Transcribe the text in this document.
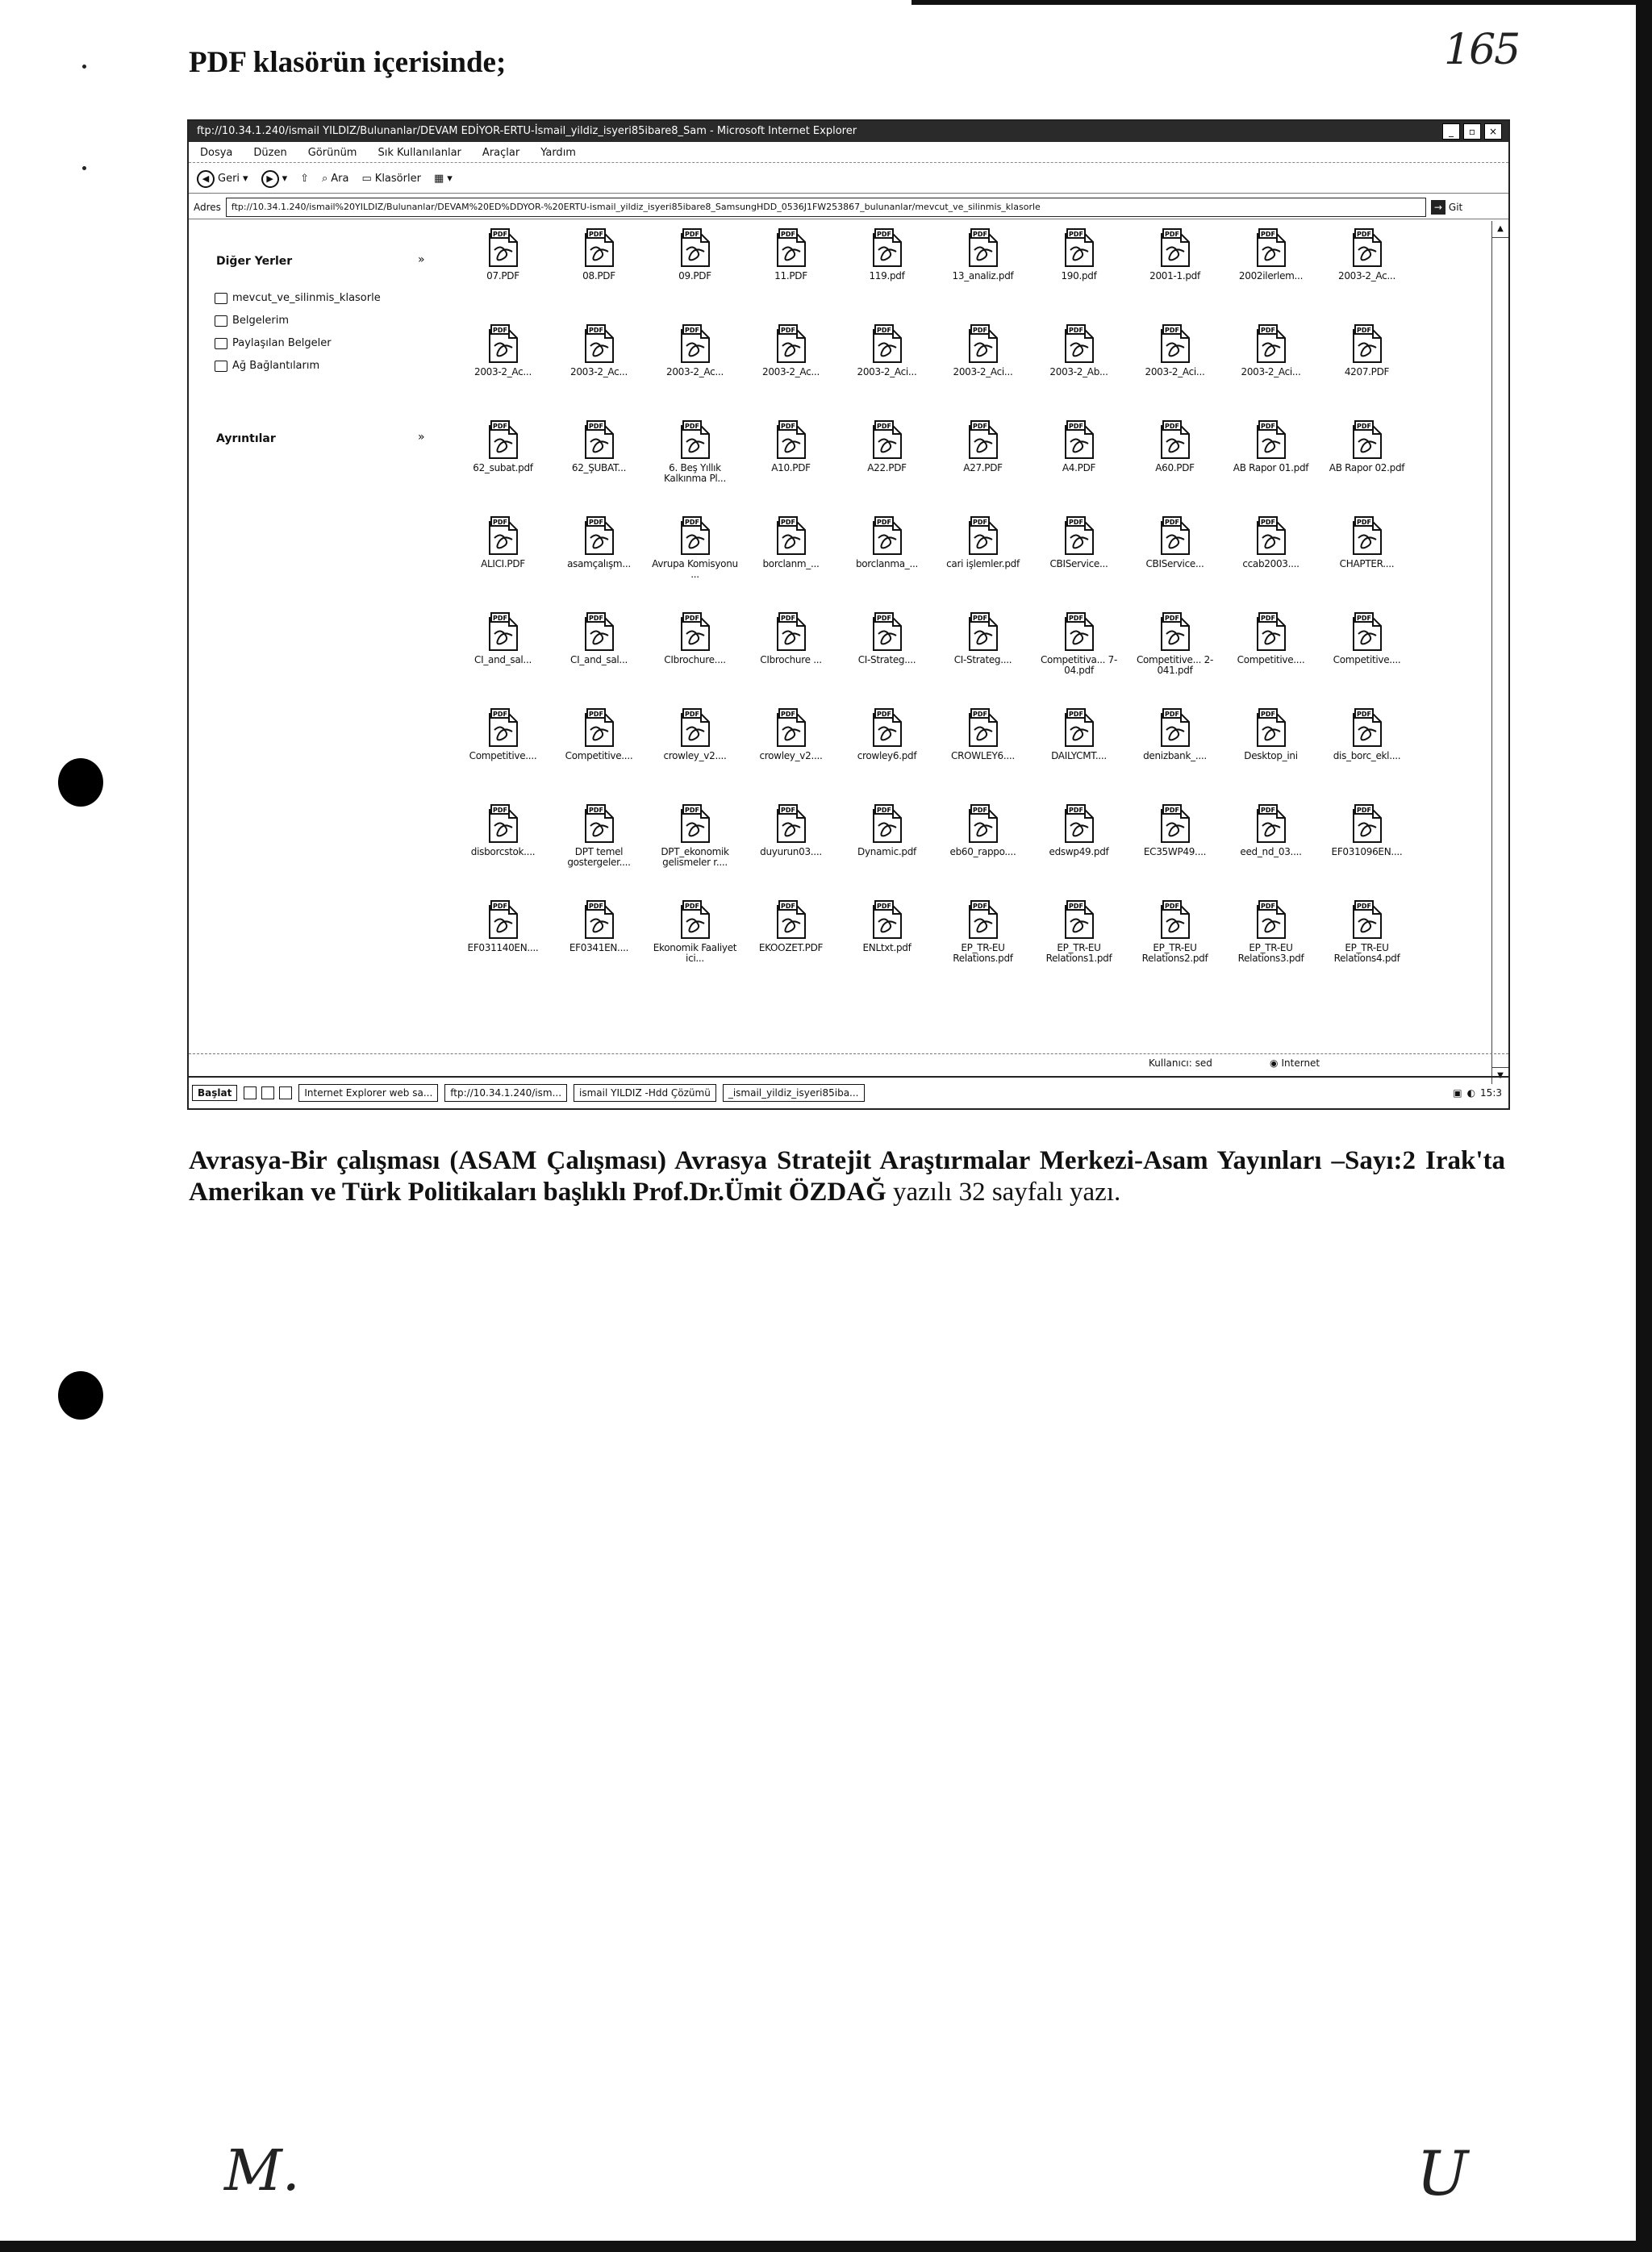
PDF klasörün içerisinde;	165
ftp://10.34.1.240/ismail YILDIZ/Bulunanlar/DEVAM EDİYOR-ERTU-İsmail_yildiz_isyeri85ibare8_Sam - Microsoft Internet Explorer	_	▫	×
Dosya Düzen Görünüm Sık Kullanılanlar Araçlar Yardım
◀ Geri ▾	▶ ▾ ⇧ ⌕ Ara ▭ Klasörler ▦ ▾
Adres	ftp://10.34.1.240/ismail%20YILDIZ/Bulunanlar/DEVAM%20ED%DDYOR-%20ERTU-ismail_yildiz_isyeri85ibare8_SamsungHDD_0536J1FW253867_bulunanlar/mevcut_ve_silinmis_klasorle	→ Git
Diğer Yerler	»
mevcut_ve_silinmis_klasorle
Belgelerim
Paylaşılan Belgeler
Ağ Bağlantılarım
Ayrıntılar	»
PDF
07.PDF
PDF
08.PDF
PDF
09.PDF
PDF
11.PDF
PDF
119.pdf
PDF
13_analiz.pdf
PDF
190.pdf
PDF
2001-1.pdf
PDF
2002ilerlem...
PDF
2003-2_Ac...
PDF
2003-2_Ac...
PDF
2003-2_Ac...
PDF
2003-2_Ac...
PDF
2003-2_Ac...
PDF
2003-2_Aci...
PDF
2003-2_Aci...
PDF
2003-2_Ab...
PDF
2003-2_Aci...
PDF
2003-2_Aci...
PDF
4207.PDF
PDF
62_subat.pdf
PDF
62_ŞUBAT...
PDF
6. Beş Yıllık Kalkınma Pl...
PDF
A10.PDF
PDF
A22.PDF
PDF
A27.PDF
PDF
A4.PDF
PDF
A60.PDF
PDF
AB Rapor 01.pdf
PDF
AB Rapor 02.pdf
PDF
ALICI.PDF
PDF
asamçalışm...
PDF
Avrupa Komisyonu ...
PDF
borclanm_...
PDF
borclanma_...
PDF
cari işlemler.pdf
PDF
CBIService...
PDF
CBIService...
PDF
ccab2003....
PDF
CHAPTER....
PDF
CI_and_sal...
PDF
CI_and_sal...
PDF
CIbrochure....
PDF
CIbrochure ...
PDF
CI-Strateg....
PDF
CI-Strateg....
PDF
Competitiva... 7-04.pdf
PDF
Competitive... 2-041.pdf
PDF
Competitive....
PDF
Competitive....
PDF
Competitive....
PDF
Competitive....
PDF
crowley_v2....
PDF
crowley_v2....
PDF
crowley6.pdf
PDF
CROWLEY6....
PDF
DAILYCMT....
PDF
denizbank_....
PDF
Desktop_ini
PDF
dis_borc_ekl....
PDF
disborcstok....
PDF
DPT temel gostergeler....
PDF
DPT_ekonomik gelismeler r....
PDF
duyurun03....
PDF
Dynamic.pdf
PDF
eb60_rappo....
PDF
edswp49.pdf
PDF
EC35WP49....
PDF
eed_nd_03....
PDF
EF031096EN....
PDF
EF031140EN....
PDF
EF0341EN....
PDF
Ekonomik Faaliyet ici...
PDF
EKOOZET.PDF
PDF
ENLtxt.pdf
PDF
EP_TR-EU Relations.pdf
PDF
EP_TR-EU Relations1.pdf
PDF
EP_TR-EU Relations2.pdf
PDF
EP_TR-EU Relations3.pdf
PDF
EP_TR-EU Relations4.pdf
▲
▼
Kullanıcı: sed	◉ Internet
Başlat	Internet Explorer web sa...	ftp://10.34.1.240/ism...	ismail YILDIZ -Hdd Çözümü	_ismail_yildiz_isyeri85iba...	▣ ◐ 15:3
Avrasya-Bir çalışması (ASAM Çalışması) Avrasya Stratejit Araştırmalar Merkezi-Asam Yayınları –Sayı:2 Irak'ta Amerikan ve Türk Politikaları başlıklı Prof.Dr.Ümit ÖZDAĞ yazılı 32 sayfalı yazı.
M.	U
